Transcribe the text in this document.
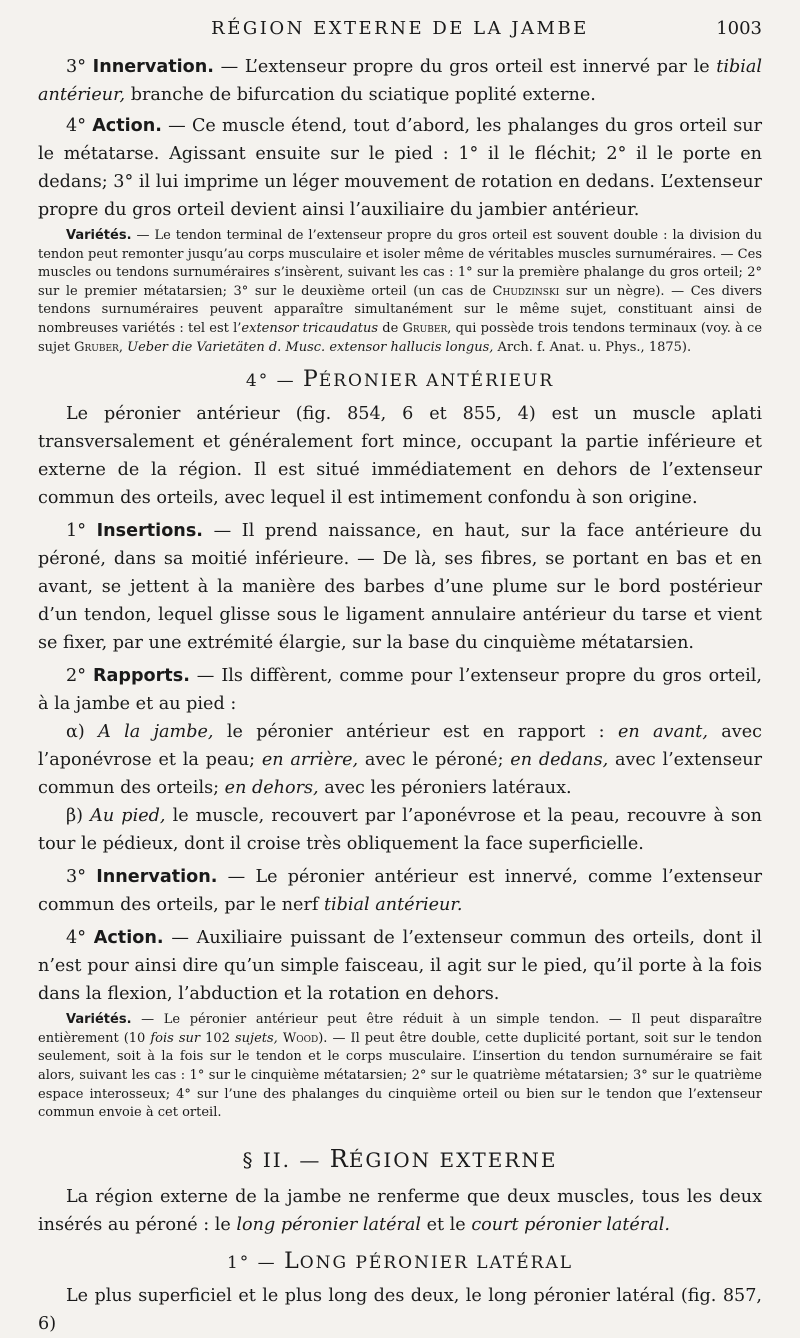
RÉGION EXTERNE DE LA JAMBE	1003

3° Innervation. — L’extenseur propre du gros orteil est innervé par le tibial antérieur, branche de bifurcation du sciatique poplité externe.

4° Action. — Ce muscle étend, tout d’abord, les phalanges du gros orteil sur le métatarse. Agissant ensuite sur le pied : 1° il le fléchit; 2° il le porte en dedans; 3° il lui imprime un léger mouvement de rotation en dedans. L’extenseur propre du gros orteil devient ainsi l’auxiliaire du jambier antérieur.

Variétés. — Le tendon terminal de l’extenseur propre du gros orteil est souvent double : la division du tendon peut remonter jusqu’au corps musculaire et isoler même de véritables muscles surnuméraires. — Ces muscles ou tendons surnuméraires s’insèrent, suivant les cas : 1° sur la première phalange du gros orteil; 2° sur le premier métatarsien; 3° sur le deuxième orteil (un cas de Chudzinski sur un nègre). — Ces divers tendons surnuméraires peuvent apparaître simultanément sur le même sujet, constituant ainsi de nombreuses variétés : tel est l’extensor tricaudatus de Gruber, qui possède trois tendons terminaux (voy. à ce sujet Gruber, Ueber die Varietäten d. Musc. extensor hallucis longus, Arch. f. Anat. u. Phys., 1875).

4° — PÉRONIER ANTÉRIEUR

Le péronier antérieur (fig. 854, 6 et 855, 4) est un muscle aplati transversalement et généralement fort mince, occupant la partie inférieure et externe de la région. Il est situé immédiatement en dehors de l’extenseur commun des orteils, avec lequel il est intimement confondu à son origine.

1° Insertions. — Il prend naissance, en haut, sur la face antérieure du péroné, dans sa moitié inférieure. — De là, ses fibres, se portant en bas et en avant, se jettent à la manière des barbes d’une plume sur le bord postérieur d’un tendon, lequel glisse sous le ligament annulaire antérieur du tarse et vient se fixer, par une extrémité élargie, sur la base du cinquième métatarsien.

2° Rapports. — Ils diffèrent, comme pour l’extenseur propre du gros orteil, à la jambe et au pied :

α) A la jambe, le péronier antérieur est en rapport : en avant, avec l’aponévrose et la peau; en arrière, avec le péroné; en dedans, avec l’extenseur commun des orteils; en dehors, avec les péroniers latéraux.

β) Au pied, le muscle, recouvert par l’aponévrose et la peau, recouvre à son tour le pédieux, dont il croise très obliquement la face superficielle.

3° Innervation. — Le péronier antérieur est innervé, comme l’extenseur commun des orteils, par le nerf tibial antérieur.

4° Action. — Auxiliaire puissant de l’extenseur commun des orteils, dont il n’est pour ainsi dire qu’un simple faisceau, il agit sur le pied, qu’il porte à la fois dans la flexion, l’abduction et la rotation en dehors.

Variétés. — Le péronier antérieur peut être réduit à un simple tendon. — Il peut disparaître entièrement (10 fois sur 102 sujets, Wood). — Il peut être double, cette duplicité portant, soit sur le tendon seulement, soit à la fois sur le tendon et le corps musculaire. L’insertion du tendon surnuméraire se fait alors, suivant les cas : 1° sur le cinquième métatarsien; 2° sur le quatrième métatarsien; 3° sur le quatrième espace interosseux; 4° sur l’une des phalanges du cinquième orteil ou bien sur le tendon que l’extenseur commun envoie à cet orteil.

§ II. — RÉGION EXTERNE

La région externe de la jambe ne renferme que deux muscles, tous les deux insérés au péroné : le long péronier latéral et le court péronier latéral.

1° — LONG PÉRONIER LATÉRAL

Le plus superficiel et le plus long des deux, le long péronier latéral (fig. 857, 6)
